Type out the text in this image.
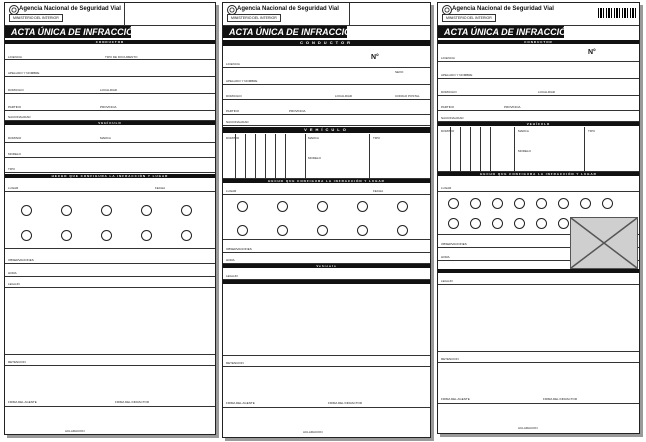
Agencia Nacional de Seguridad Vial
MINISTERIO DEL INTERIOR
ACTA ÚNICA DE INFRACCIÓN
CONDUCTOR
LICENCIA	TIPO DE DOCUMENTO
APELLIDO Y NOMBRE
DOMICILIO	LOCALIDAD
PARTIDO	PROVINCIA
NACIONALIDAD
VEHÍCULO
DOMINIO	MARCA
MODELO
TIPO
HECHO QUE CONFIGURA LA INFRACCIÓN Y LUGAR
LUGAR	FECHA
OBSERVACIONES
HORA
LEGAJO
RETENCION
FIRMA DEL AGENTE	FIRMA DEL INFRACTOR
ACLARACION
Agencia Nacional de Seguridad Vial
MINISTERIO DEL INTERIOR
ACTA ÚNICA DE INFRACCIÓN
CONDUCTOR
LICENCIA
N°
APELLIDO Y NOMBRE
SEXO
DOMICILIO	LOCALIDAD	CODIGO POSTAL
PARTIDO	PROVINCIA
NACIONALIDAD
VEHÍCULO
DOMINIO	MARCA
MODELO
TIPO
HECHO QUE CONFIGURA LA INFRACCIÓN Y LUGAR
LUGAR	FECHA
OBSERVACIONES
HORA
Vehículo
LEGAJO
RETENCION
FIRMA DEL AGENTE	FIRMA DEL INFRACTOR
ACLARACION
Agencia Nacional de Seguridad Vial
MINISTERIO DEL INTERIOR
ACTA ÚNICA DE INFRACCIÓN
CONDUCTOR
LICENCIA
N°
APELLIDO Y NOMBRE
DOMICILIO	LOCALIDAD
PARTIDO	PROVINCIA
NACIONALIDAD
VEHÍCULO
DOMINIO	MARCA
MODELO
TIPO
HECHO QUE CONFIGURA LA INFRACCIÓN Y LUGAR
LUGAR
OBSERVACIONES
HORA
LEGAJO
RETENCION
FIRMA DEL AGENTE	FIRMA DEL INFRACTOR
ACLARACION
